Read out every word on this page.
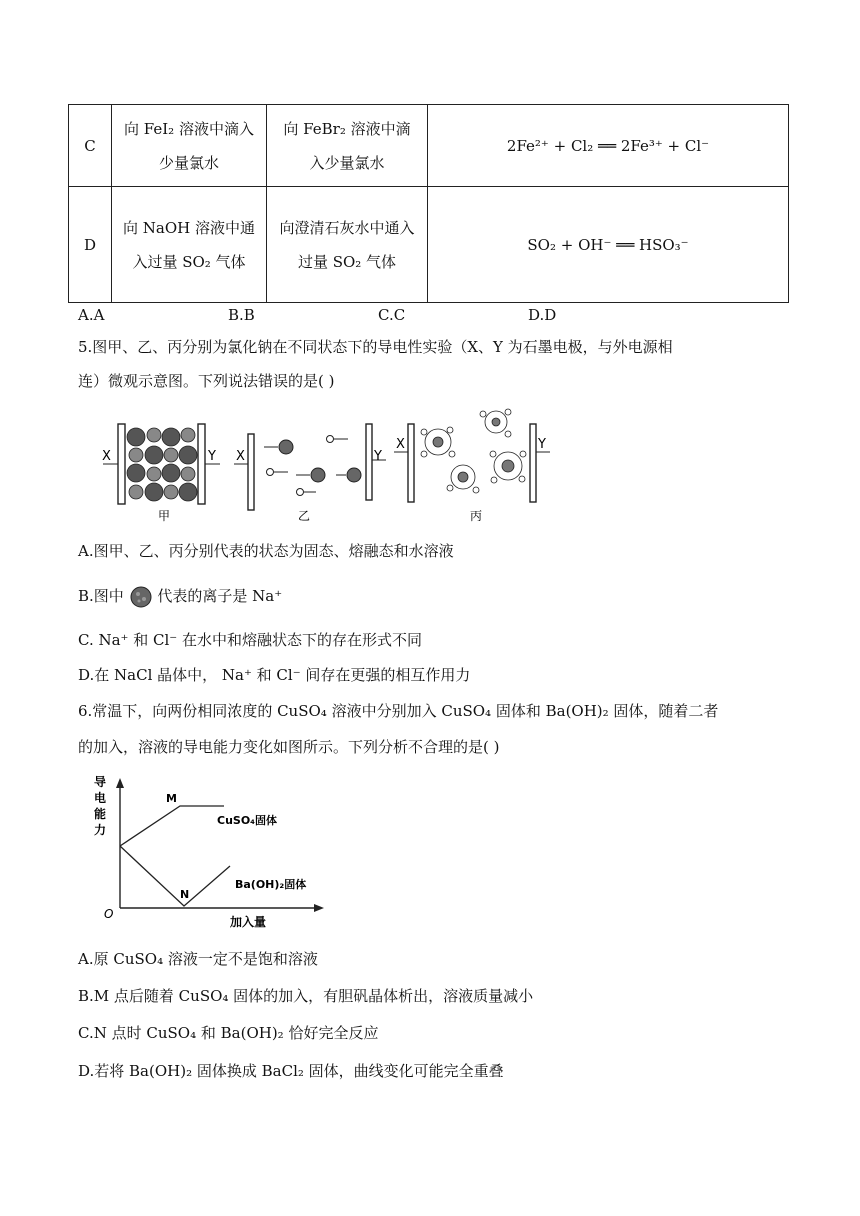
C	向 FeI₂ 溶液中滴入少量氯水	向 FeBr₂ 溶液中滴入少量氯水	2Fe²⁺ + Cl₂ ══ 2Fe³⁺ + Cl⁻
D	向 NaOH 溶液中通入过量 SO₂ 气体	向澄清石灰水中通入过量 SO₂ 气体	SO₂ + OH⁻ ══ HSO₃⁻
A.A	B.B	C.C	D.D
5.图甲、乙、丙分别为氯化钠在不同状态下的导电性实验（X、Y 为石墨电极，与外电源相
连）微观示意图。下列说法错误的是( )
X	Y
甲
X	Y
乙
X	Y
丙
A.图甲、乙、丙分别代表的状态为固态、熔融态和水溶液
B.图中 代表的离子是 Na⁺
C. Na⁺ 和 Cl⁻ 在水中和熔融状态下的存在形式不同
D.在 NaCl 晶体中， Na⁺ 和 Cl⁻ 间存在更强的相互作用力
6.常温下，向两份相同浓度的 CuSO₄ 溶液中分别加入 CuSO₄ 固体和 Ba(OH)₂ 固体，随着二者
的加入，溶液的导电能力变化如图所示。下列分析不合理的是( )
导
电
能
力
O
M
N
CuSO₄固体
Ba(OH)₂固体
加入量
A.原 CuSO₄ 溶液一定不是饱和溶液
B.M 点后随着 CuSO₄ 固体的加入，有胆矾晶体析出，溶液质量减小
C.N 点时 CuSO₄ 和 Ba(OH)₂ 恰好完全反应
D.若将 Ba(OH)₂ 固体换成 BaCl₂ 固体，曲线变化可能完全重叠
